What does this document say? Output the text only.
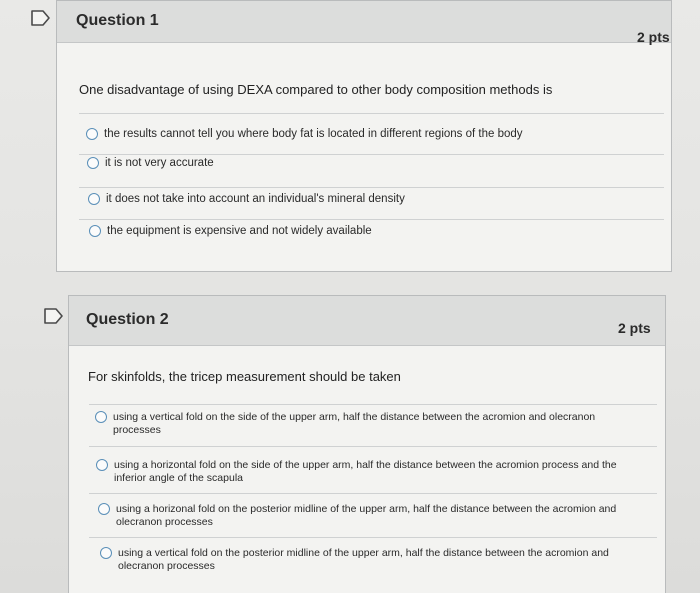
Question 1
2 pts
One disadvantage of using DEXA compared to other body composition methods is
the results cannot tell you where body fat is located in different regions of the body
it is not very accurate
it does not take into account an individual's mineral density
the equipment is expensive and not widely available
Question 2	2 pts
For skinfolds, the tricep measurement should be taken
using a vertical fold on the side of the upper arm, half the distance between the acromion and olecranon processes
using a horizontal fold on the side of the upper arm, half the distance between the acromion process and the inferior angle of the scapula
using a horizonal fold on the posterior midline of the upper arm, half the distance between the acromion and olecranon processes
using a vertical fold on the posterior midline of the upper arm, half the distance between the acromion and olecranon processes
